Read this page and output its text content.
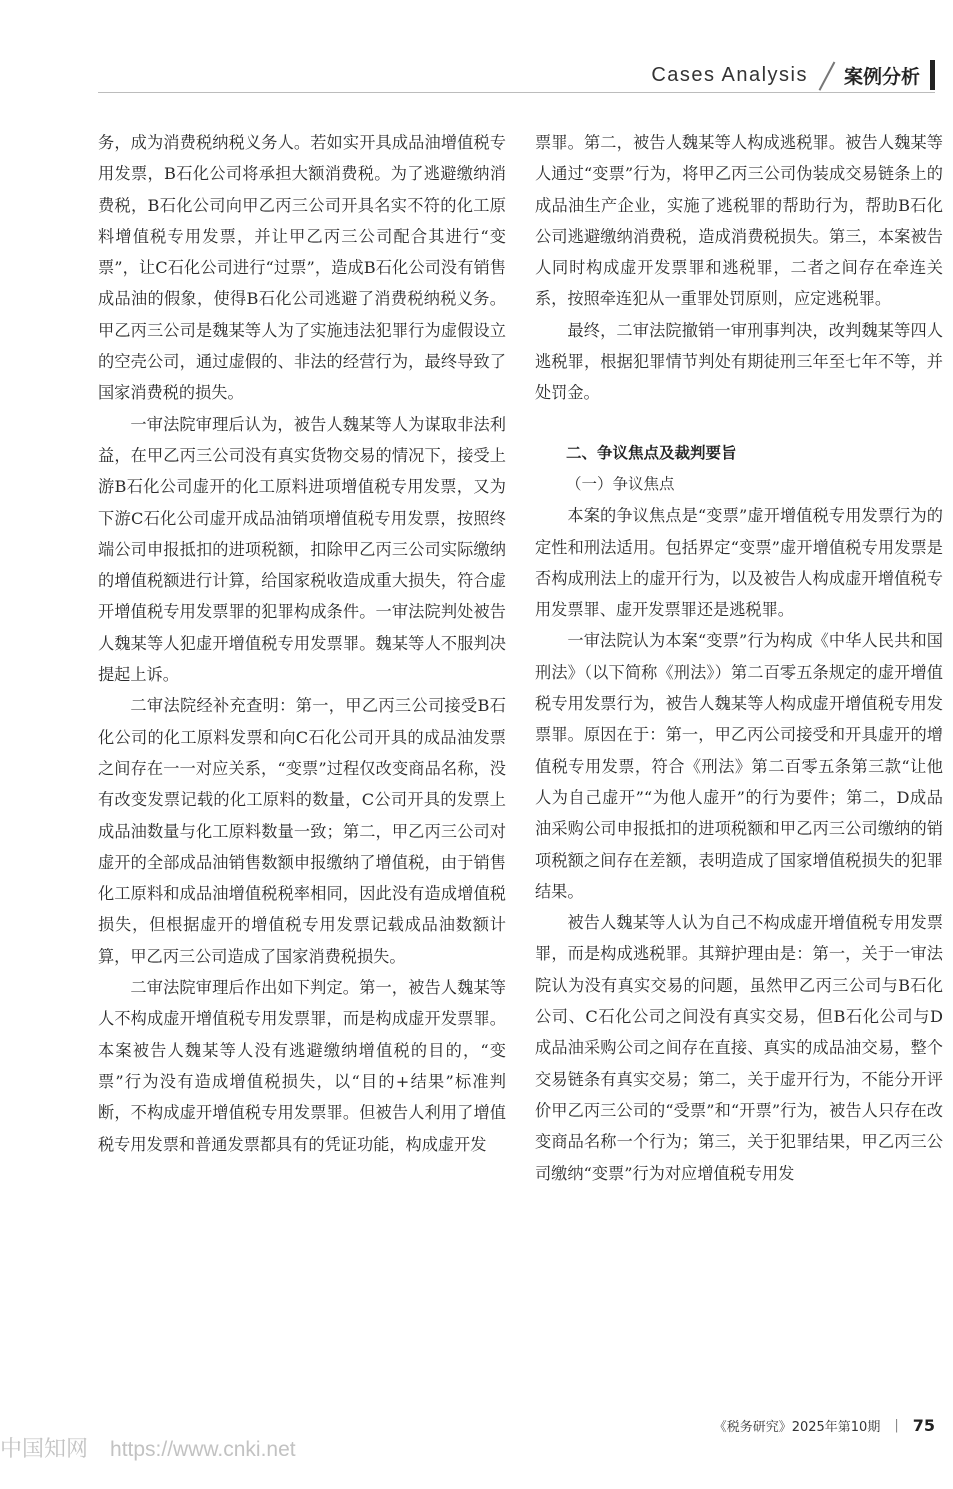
Cases Analysis 案例分析

务，成为消费税纳税义务人。若如实开具成品油增值税专用发票，B石化公司将承担大额消费税。为了逃避缴纳消费税，B石化公司向甲乙丙三公司开具名实不符的化工原料增值税专用发票，并让甲乙丙三公司配合其进行“变票”，让C石化公司进行“过票”，造成B石化公司没有销售成品油的假象，使得B石化公司逃避了消费税纳税义务。甲乙丙三公司是魏某等人为了实施违法犯罪行为虚假设立的空壳公司，通过虚假的、非法的经营行为，最终导致了国家消费税的损失。

一审法院审理后认为，被告人魏某等人为谋取非法利益，在甲乙丙三公司没有真实货物交易的情况下，接受上游B石化公司虚开的化工原料进项增值税专用发票，又为下游C石化公司虚开成品油销项增值税专用发票，按照终端公司申报抵扣的进项税额，扣除甲乙丙三公司实际缴纳的增值税额进行计算，给国家税收造成重大损失，符合虚开增值税专用发票罪的犯罪构成条件。一审法院判处被告人魏某等人犯虚开增值税专用发票罪。魏某等人不服判决提起上诉。

二审法院经补充查明：第一，甲乙丙三公司接受B石化公司的化工原料发票和向C石化公司开具的成品油发票之间存在一一对应关系，“变票”过程仅改变商品名称，没有改变发票记载的化工原料的数量，C公司开具的发票上成品油数量与化工原料数量一致；第二，甲乙丙三公司对虚开的全部成品油销售数额申报缴纳了增值税，由于销售化工原料和成品油增值税税率相同，因此没有造成增值税损失，但根据虚开的增值税专用发票记载成品油数额计算，甲乙丙三公司造成了国家消费税损失。

二审法院审理后作出如下判定。第一，被告人魏某等人不构成虚开增值税专用发票罪，而是构成虚开发票罪。本案被告人魏某等人没有逃避缴纳增值税的目的，“变票”行为没有造成增值税损失，以“目的+结果”标准判断，不构成虚开增值税专用发票罪。但被告人利用了增值税专用发票和普通发票都具有的凭证功能，构成虚开发

票罪。第二，被告人魏某等人构成逃税罪。被告人魏某等人通过“变票”行为，将甲乙丙三公司伪装成交易链条上的成品油生产企业，实施了逃税罪的帮助行为，帮助B石化公司逃避缴纳消费税，造成消费税损失。第三，本案被告人同时构成虚开发票罪和逃税罪，二者之间存在牵连关系，按照牵连犯从一重罪处罚原则，应定逃税罪。

最终，二审法院撤销一审刑事判决，改判魏某等四人逃税罪，根据犯罪情节判处有期徒刑三年至七年不等，并处罚金。

二、争议焦点及裁判要旨
（一）争议焦点

本案的争议焦点是“变票”虚开增值税专用发票行为的定性和刑法适用。包括界定“变票”虚开增值税专用发票是否构成刑法上的虚开行为，以及被告人构成虚开增值税专用发票罪、虚开发票罪还是逃税罪。

一审法院认为本案“变票”行为构成《中华人民共和国刑法》（以下简称《刑法》）第二百零五条规定的虚开增值税专用发票行为，被告人魏某等人构成虚开增值税专用发票罪。原因在于：第一，甲乙丙公司接受和开具虚开的增值税专用发票，符合《刑法》第二百零五条第三款“让他人为自己虚开”“为他人虚开”的行为要件；第二，D成品油采购公司申报抵扣的进项税额和甲乙丙三公司缴纳的销项税额之间存在差额，表明造成了国家增值税损失的犯罪结果。

被告人魏某等人认为自己不构成虚开增值税专用发票罪，而是构成逃税罪。其辩护理由是：第一，关于一审法院认为没有真实交易的问题，虽然甲乙丙三公司与B石化公司、C石化公司之间没有真实交易，但B石化公司与D成品油采购公司之间存在直接、真实的成品油交易，整个交易链条有真实交易；第二，关于虚开行为，不能分开评价甲乙丙三公司的“受票”和“开票”行为，被告人只存在改变商品名称一个行为；第三，关于犯罪结果，甲乙丙三公司缴纳“变票”行为对应增值税专用发

《税务研究》2025年第10期 | 75
中国知网 https://www.cnki.net
